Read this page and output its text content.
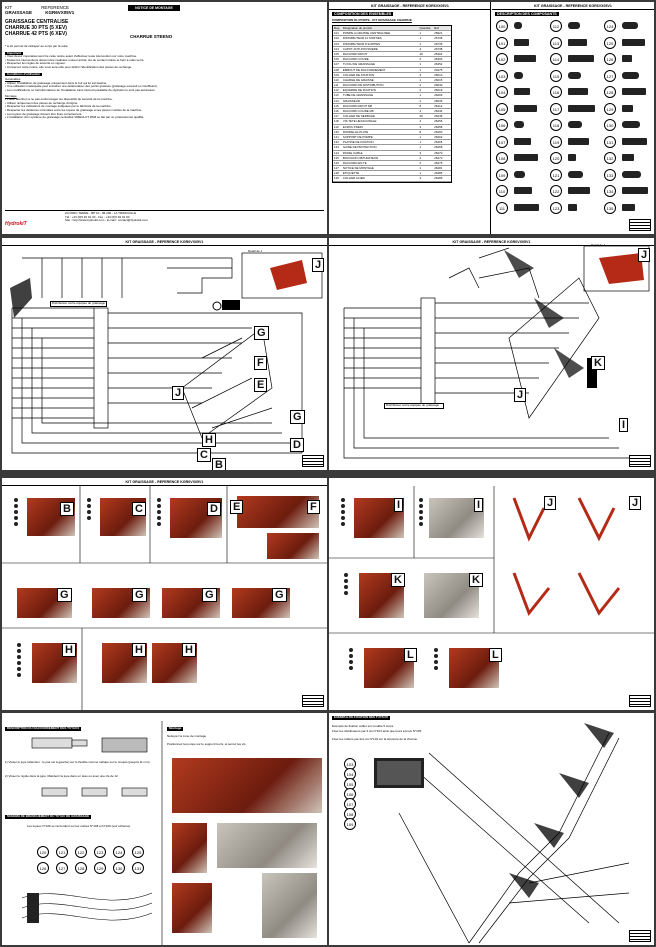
KIT	REFERENCE
GRAISSAGE	KGR6VX05V1
NOTICE DE MONTAGE
GRAISSAGE CENTRALISE
CHARRUE 30 PTS (5 XEV)
CHARRUE 42 PTS (6 XEV)	CHARRUE STEENO
* le kit permet de rattraper au corps par la suite.
Important
• Vous devez impérativement lire cette notice avant d'effectuer toute intervention sur votre machine.
• Toutes les interventions doivent être réalisées moteur arrêté, clé de contact retirée et frein à main serré.
• Respectez les règles de sécurité en vigueur.
• Conservez cette notice, elle vous sera utile pour définir l'identification des pièces de rechange.
Conditions d'utilisation
Généralités
• Utiliser l'installation de graissage uniquement dans le but qui lui est destiné.
• Une utilisation inadéquate peut entraîner une détérioration des points graissés (graissage excessif ou insuffisant).
• Les modifications ou transformations de l'installation sans l'accord préalable de Hydrokit ne sont pas autorisées.
Montage
• Prêter attention à ne pas endommager les dispositifs de sécurité de la machine.
• Utiliser uniquement des pièces de rechange d'origine.
• Respecter les indications de montage indiquées par le fabricant de la machine.
• Respecter les distances minimales entre les tuyaux de graissage et les pièces mobiles de la machine.
• Les tuyaux de graissage doivent être fixés correctement.
• L'installation d'un système de graissage centralisé VIRECLUT PAM se fait par un professionnel qualifié.
HydrokiT
ZA PARC TERRE - BP 10 - 86 290 - LA TRIMOUILLE
Tél : +33 (0)5 49 91 00 - Fax : +33 (0)5 49 91 00
Site : http://www.hydrokit.com - E-mail : contact@hydrokit.com
KIT GRAISSAGE - REFERENCE KGR6VX05V1
COMPOSITION DES ENSEMBLES
COMPOSITION DU PORTE - KIT GRAISSAGE CHARRUE
Rep	Désignation du produit	Quantité	Réf
101	POMPE A GRAISSE CENTRALISEE	1	25921
102	DISTRIBUTEUR 10 SORTIES	1	26736
103	DISTRIBUTEUR 8 SORTIES	1	26735
104	CAPOT ANTI-POUSSIERE	4	26738
105	RACCORD DROIT	29	26302
106	RACCORD COUDE	2	26303
107	TUYAU DE GRAISSAGE	1	26452
108	EMBOUT DE RACCORDEMENT	1	26475
109	COLLIER DE FIXATION	3	26010
110	CHARGE DE GRAISSE	1	26015
111	RACCORD DE DISTRIBUTION	2	26030
112	EQUERRE DE FIXATION	2	26019
113	TUBE DE GRAISSAGE	1	26203
114	GRAISSEUR	1	26036
115	RACCORD DROIT M8	8	26212
116	RACCORD COUDE M8	4	26244
117	COLLIER DE SERRAGE	20	26245
118	VIS TETE HEXAGONALE	4	26256
119	ECROU FREIN	4	26258
120	RONDELLE PLATE	8	26260
121	SUPPORT DE POMPE	1	26262
122	PLATINE DE FIXATION	1	26265
123	GAINE DE PROTECTION	1	26268
124	PASSE CABLE	3	26270
125	BOUCHON OBTURATEUR	2	26273
126	RACCORD EN TE	2	26275
127	NOTICE DE MONTAGE	1	26281
128	ETIQUETTE	1	26285
129	COLLIER ACIER	4	26286
KIT GRAISSAGE - REFERENCE KGR6VX05V1
DESCRIPTION DES COMPOSANTS
100
101
102
103
104
105
106
107
108
109
110
111
112
113
114
115
116
117
118
119
120
121
122
123
124
125
126
127
128
129
130
131
132
133
134
135
KIT GRAISSAGE - REFERENCE KGR6VX05V1
Détail de J
Distributeur sortie équipée de graissage
J
G
F
E
H
C
B
D
J
G
KIT GRAISSAGE - REFERENCE KGR6VX05V1
Détail de J
Distributeur sortie équipée de graissage
J
K
J
I
KIT GRAISSAGE - REFERENCE KGR6VX05V1
B	C	D E	F
G	G	G	G
H	H	H
I	I	J	J
K	K
L	L
DESCRIPTION DU RACCORDEMENT DES TUYAUX
1) Visser le jupe (attention : le pas est à gauche) sur le flexible comme indiqué sur le croquis (jusqu'à 11 mm).
2) Visser le nipple dans la jupe. Maintenir la jupe dans un étau ou avec une clé de 12.
SCHEMA DE BRANCHEMENT DU TUYAU DE GRAISSAGE
Les tuyaux N°106 se raccordent sur les sorties N°108 et N°109 (voir schéma).
120	121	122	123	124	125
126	127	128	129	130	131
Montage
Nettoyez la zone de montage
Positionnez la pompe sur le support fourni, et serrez les vis.
EXEMPLE DE FIXATION DES TUYAUX
Exemple de fixation collier sur modèle 5 corps.
Fixer les distributeurs par 2 vis N°103 ainsi que leurs écrous N°105.
Fixer les colliers par des vis N°104 sur la structure de la charrue.
103
104
105
106
107
108
109
